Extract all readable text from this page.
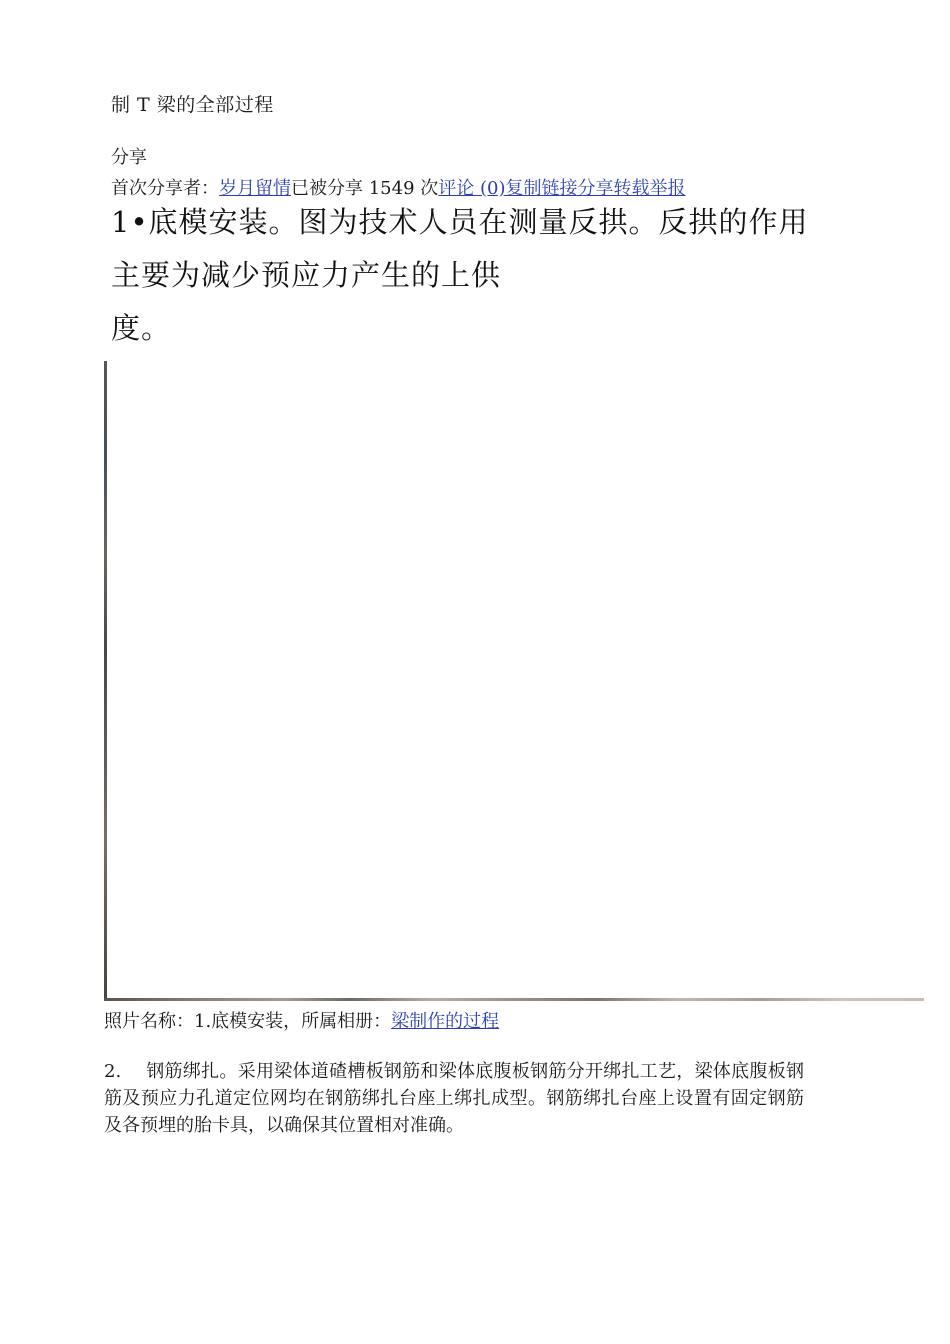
制 T 梁的全部过程
分享
首次分享者：岁月留情已被分享 1549 次评论 (0)复制链接分享转载举报
1•底模安装。图为技术人员在测量反拱。反拱的作用
主要为减少预应力产生的上供
度。
照片名称：1.底模安装，所属相册：梁制作的过程
2. 钢筋绑扎。采用梁体道碴槽板钢筋和梁体底腹板钢筋分开绑扎工艺，梁体底腹板钢筋及预应力孔道定位网均在钢筋绑扎台座上绑扎成型。钢筋绑扎台座上设置有固定钢筋及各预埋的胎卡具，以确保其位置相对准确。
